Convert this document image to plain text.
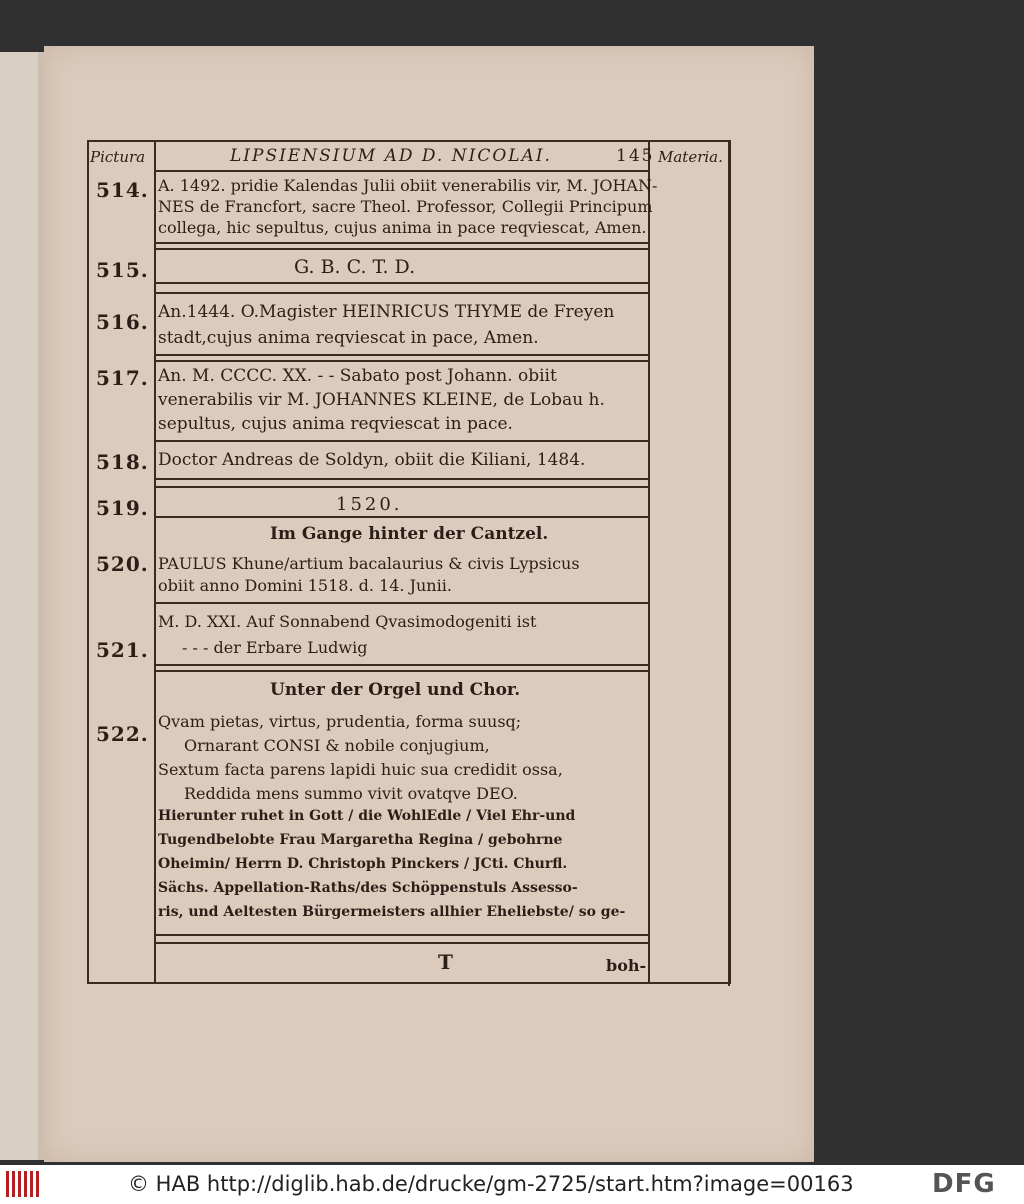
Pictura	LIPSIENSIUM AD D. NICOLAI.	145 Materia.
514. A. 1492. pridie Kalendas Julii obiit venerabilis vir, M. JOHAN-
NES de Francfort, sacre Theol. Professor, Collegii Principum
collega, hic sepultus, cujus anima in pace reqviescat, Amen.
515.	G. B. C. T. D.
516. An.1444. O.Magister HEINRICUS THYME de Freyen
stadt,cujus anima reqviescat in pace, Amen.
517. An. M. CCCC. XX. - - Sabato post Johann. obiit
venerabilis vir M. JOHANNES KLEINE, de Lobau h.
sepultus, cujus anima reqviescat in pace.
518. Doctor Andreas de Soldyn, obiit die Kiliani, 1484.
519.	1520.
520.
Im Gange hinter der Cantzel.
PAULUS Khune/artium bacalaurius & civis Lypsicus
obiit anno Domini 1518. d. 14. Junii.
521.
M. D. XXI. Auf Sonnabend Qvasimodogeniti ist
- - - der Erbare Ludwig
522.
Unter der Orgel und Chor.
Qvam pietas, virtus, prudentia, forma suusq;
Ornarant CONSI & nobile conjugium,
Sextum facta parens lapidi huic sua credidit ossa,
Reddida mens summo vivit ovatqve DEO.
Hierunter ruhet in Gott / die WohlEdle / Viel Ehr-und
Tugendbelobte Frau Margaretha Regina / gebohrne
Oheimin/ Herrn D. Christoph Pinckers / JCti. Churfl.
Sächs. Appellation-Raths/des Schöppenstuls Assesso-
ris, und Aeltesten Bürgermeisters allhier Eheliebste/ so ge-
T	boh-
© HAB http://diglib.hab.de/drucke/gm-2725/start.htm?image=00163	DFG
